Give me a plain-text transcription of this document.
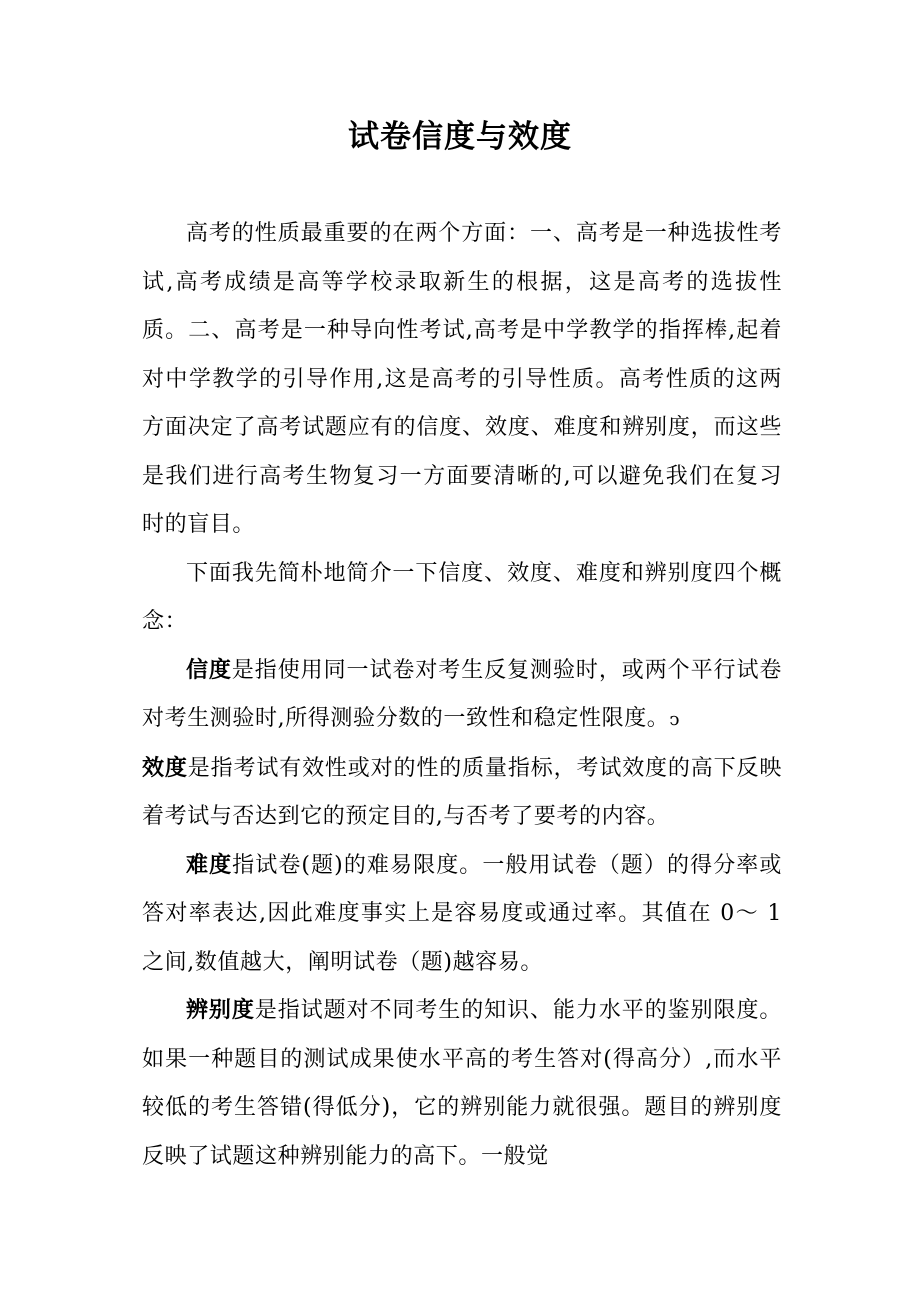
试卷信度与效度

高考的性质最重要的在两个方面：一、高考是一种选拔性考试,高考成绩是高等学校录取新生的根据，这是高考的选拔性质。二、高考是一种导向性考试,高考是中学教学的指挥棒,起着对中学教学的引导作用,这是高考的引导性质。高考性质的这两方面决定了高考试题应有的信度、效度、难度和辨别度，而这些是我们进行高考生物复习一方面要清晰的,可以避免我们在复习时的盲目。

下面我先简朴地简介一下信度、效度、难度和辨别度四个概念：

信度是指使用同一试卷对考生反复测验时，或两个平行试卷对考生测验时,所得测验分数的一致性和稳定性限度。ↄ

效度是指考试有效性或对的性的质量指标，考试效度的高下反映着考试与否达到它的预定目的,与否考了要考的内容。

难度指试卷(题)的难易限度。一般用试卷（题）的得分率或答对率表达,因此难度事实上是容易度或通过率。其值在 0～ 1 之间,数值越大，阐明试卷（题)越容易。

辨别度是指试题对不同考生的知识、能力水平的鉴别限度。如果一种题目的测试成果使水平高的考生答对(得高分）,而水平较低的考生答错(得低分)，它的辨别能力就很强。题目的辨别度反映了试题这种辨别能力的高下。一般觉
